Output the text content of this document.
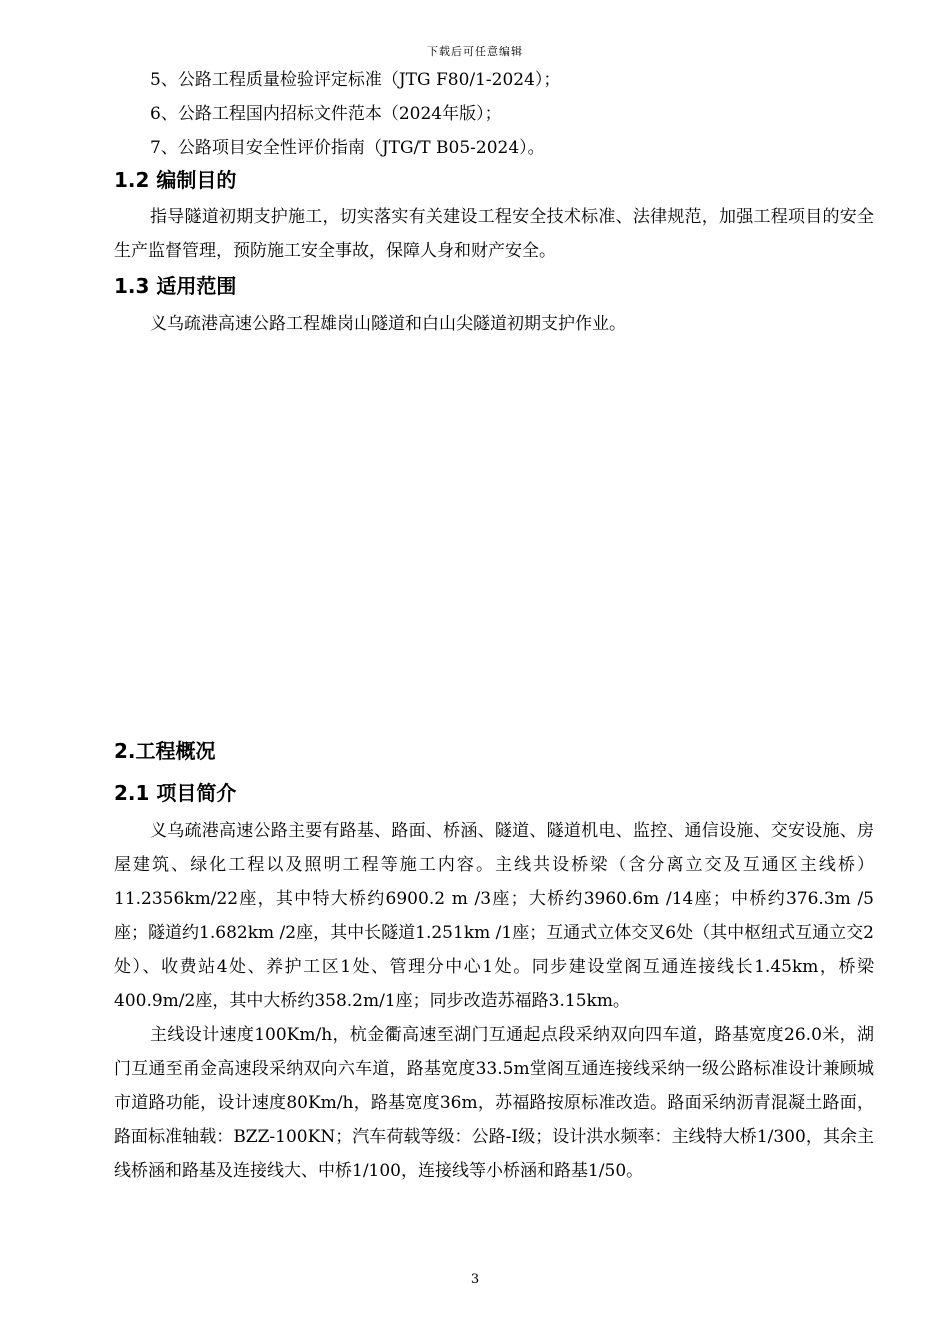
下载后可任意编辑
5、公路工程质量检验评定标准（JTG F80/1-2024）；
6、公路工程国内招标文件范本（2024年版）；
7、公路项目安全性评价指南（JTG/T B05-2024）。
1.2 编制目的

指导隧道初期支护施工，切实落实有关建设工程安全技术标准、法律规范，加强工程项目的安全生产监督管理，预防施工安全事故，保障人身和财产安全。

1.3 适用范围

义乌疏港高速公路工程雄岗山隧道和白山尖隧道初期支护作业。

2.工程概况
2.1 项目简介

义乌疏港高速公路主要有路基、路面、桥涵、隧道、隧道机电、监控、通信设施、交安设施、房屋建筑、绿化工程以及照明工程等施工内容。主线共设桥梁（含分离立交及互通区主线桥）11.2356km/22座，其中特大桥约6900.2 m /3座；大桥约3960.6m /14座；中桥约376.3m /5座；隧道约1.682km /2座，其中长隧道1.251km /1座；互通式立体交叉6处（其中枢纽式互通立交2处）、收费站4处、养护工区1处、管理分中心1处。同步建设堂阁互通连接线长1.45km，桥梁400.9m/2座，其中大桥约358.2m/1座；同步改造苏福路3.15km。

主线设计速度100Km/h，杭金衢高速至湖门互通起点段采纳双向四车道，路基宽度26.0米，湖门互通至甬金高速段采纳双向六车道，路基宽度33.5m堂阁互通连接线采纳一级公路标准设计兼顾城市道路功能，设计速度80Km/h，路基宽度36m，苏福路按原标准改造。路面采纳沥青混凝土路面，路面标准轴载：BZZ-100KN；汽车荷载等级：公路-Ⅰ级；设计洪水频率：主线特大桥1/300，其余主线桥涵和路基及连接线大、中桥1/100，连接线等小桥涵和路基1/50。

3
